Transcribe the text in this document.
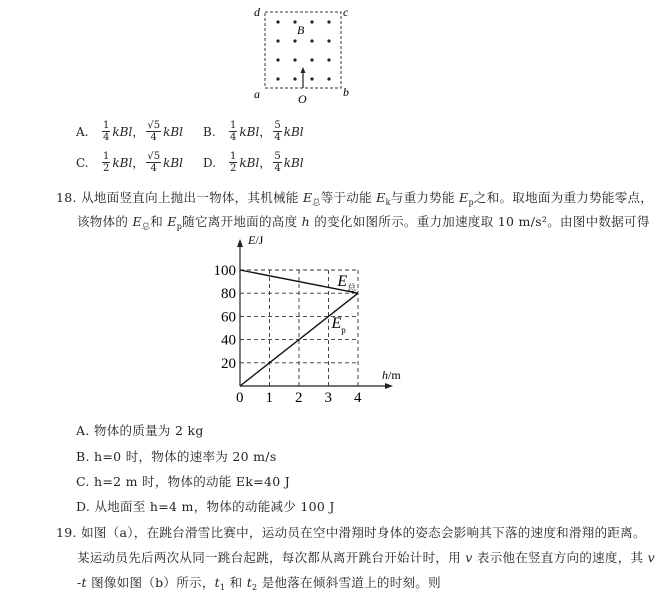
d	c
a	b
B
O
A.	$\frac{1}{4}$ kBl ， $\frac{√5}{4}$ kBl B.	$\frac{1}{4}$ kBl ， $\frac{5}{4}$ kBl
C.	$\frac{1}{2}$ kBl ， $\frac{√5}{4}$ kBl D.	$\frac{1}{2}$ kBl ， $\frac{5}{4}$ kBl
18. 从地面竖直向上抛出一物体，其机械能 $E_总$等于动能 $E_k$与重力势能 $E_p$之和。取地面为重力势能零点，
该物体的 $E_总$和 $E_p$随它离开地面的高度 h 的变化如图所示。重力加速度取 10 m/s²。由图中数据可得
0 1 2 3 4
20
40
60
80
100
E/J
h/m
$E_总$
$E_p$
A. 物体的质量为 2 kg
B. h=0 时，物体的速率为 20 m/s
C. h=2 m 时，物体的动能 Ek=40 J
D. 从地面至 h=4 m，物体的动能减少 100 J
19. 如图（a），在跳台滑雪比赛中，运动员在空中滑翔时身体的姿态会影响其下落的速度和滑翔的距离。
某运动员先后两次从同一跳台起跳，每次都从离开跳台开始计时，用 v 表示他在竖直方向的速度，其 v
-t 图像如图（b）所示，$t_1$ 和 $t_2$ 是他落在倾斜雪道上的时刻。则
